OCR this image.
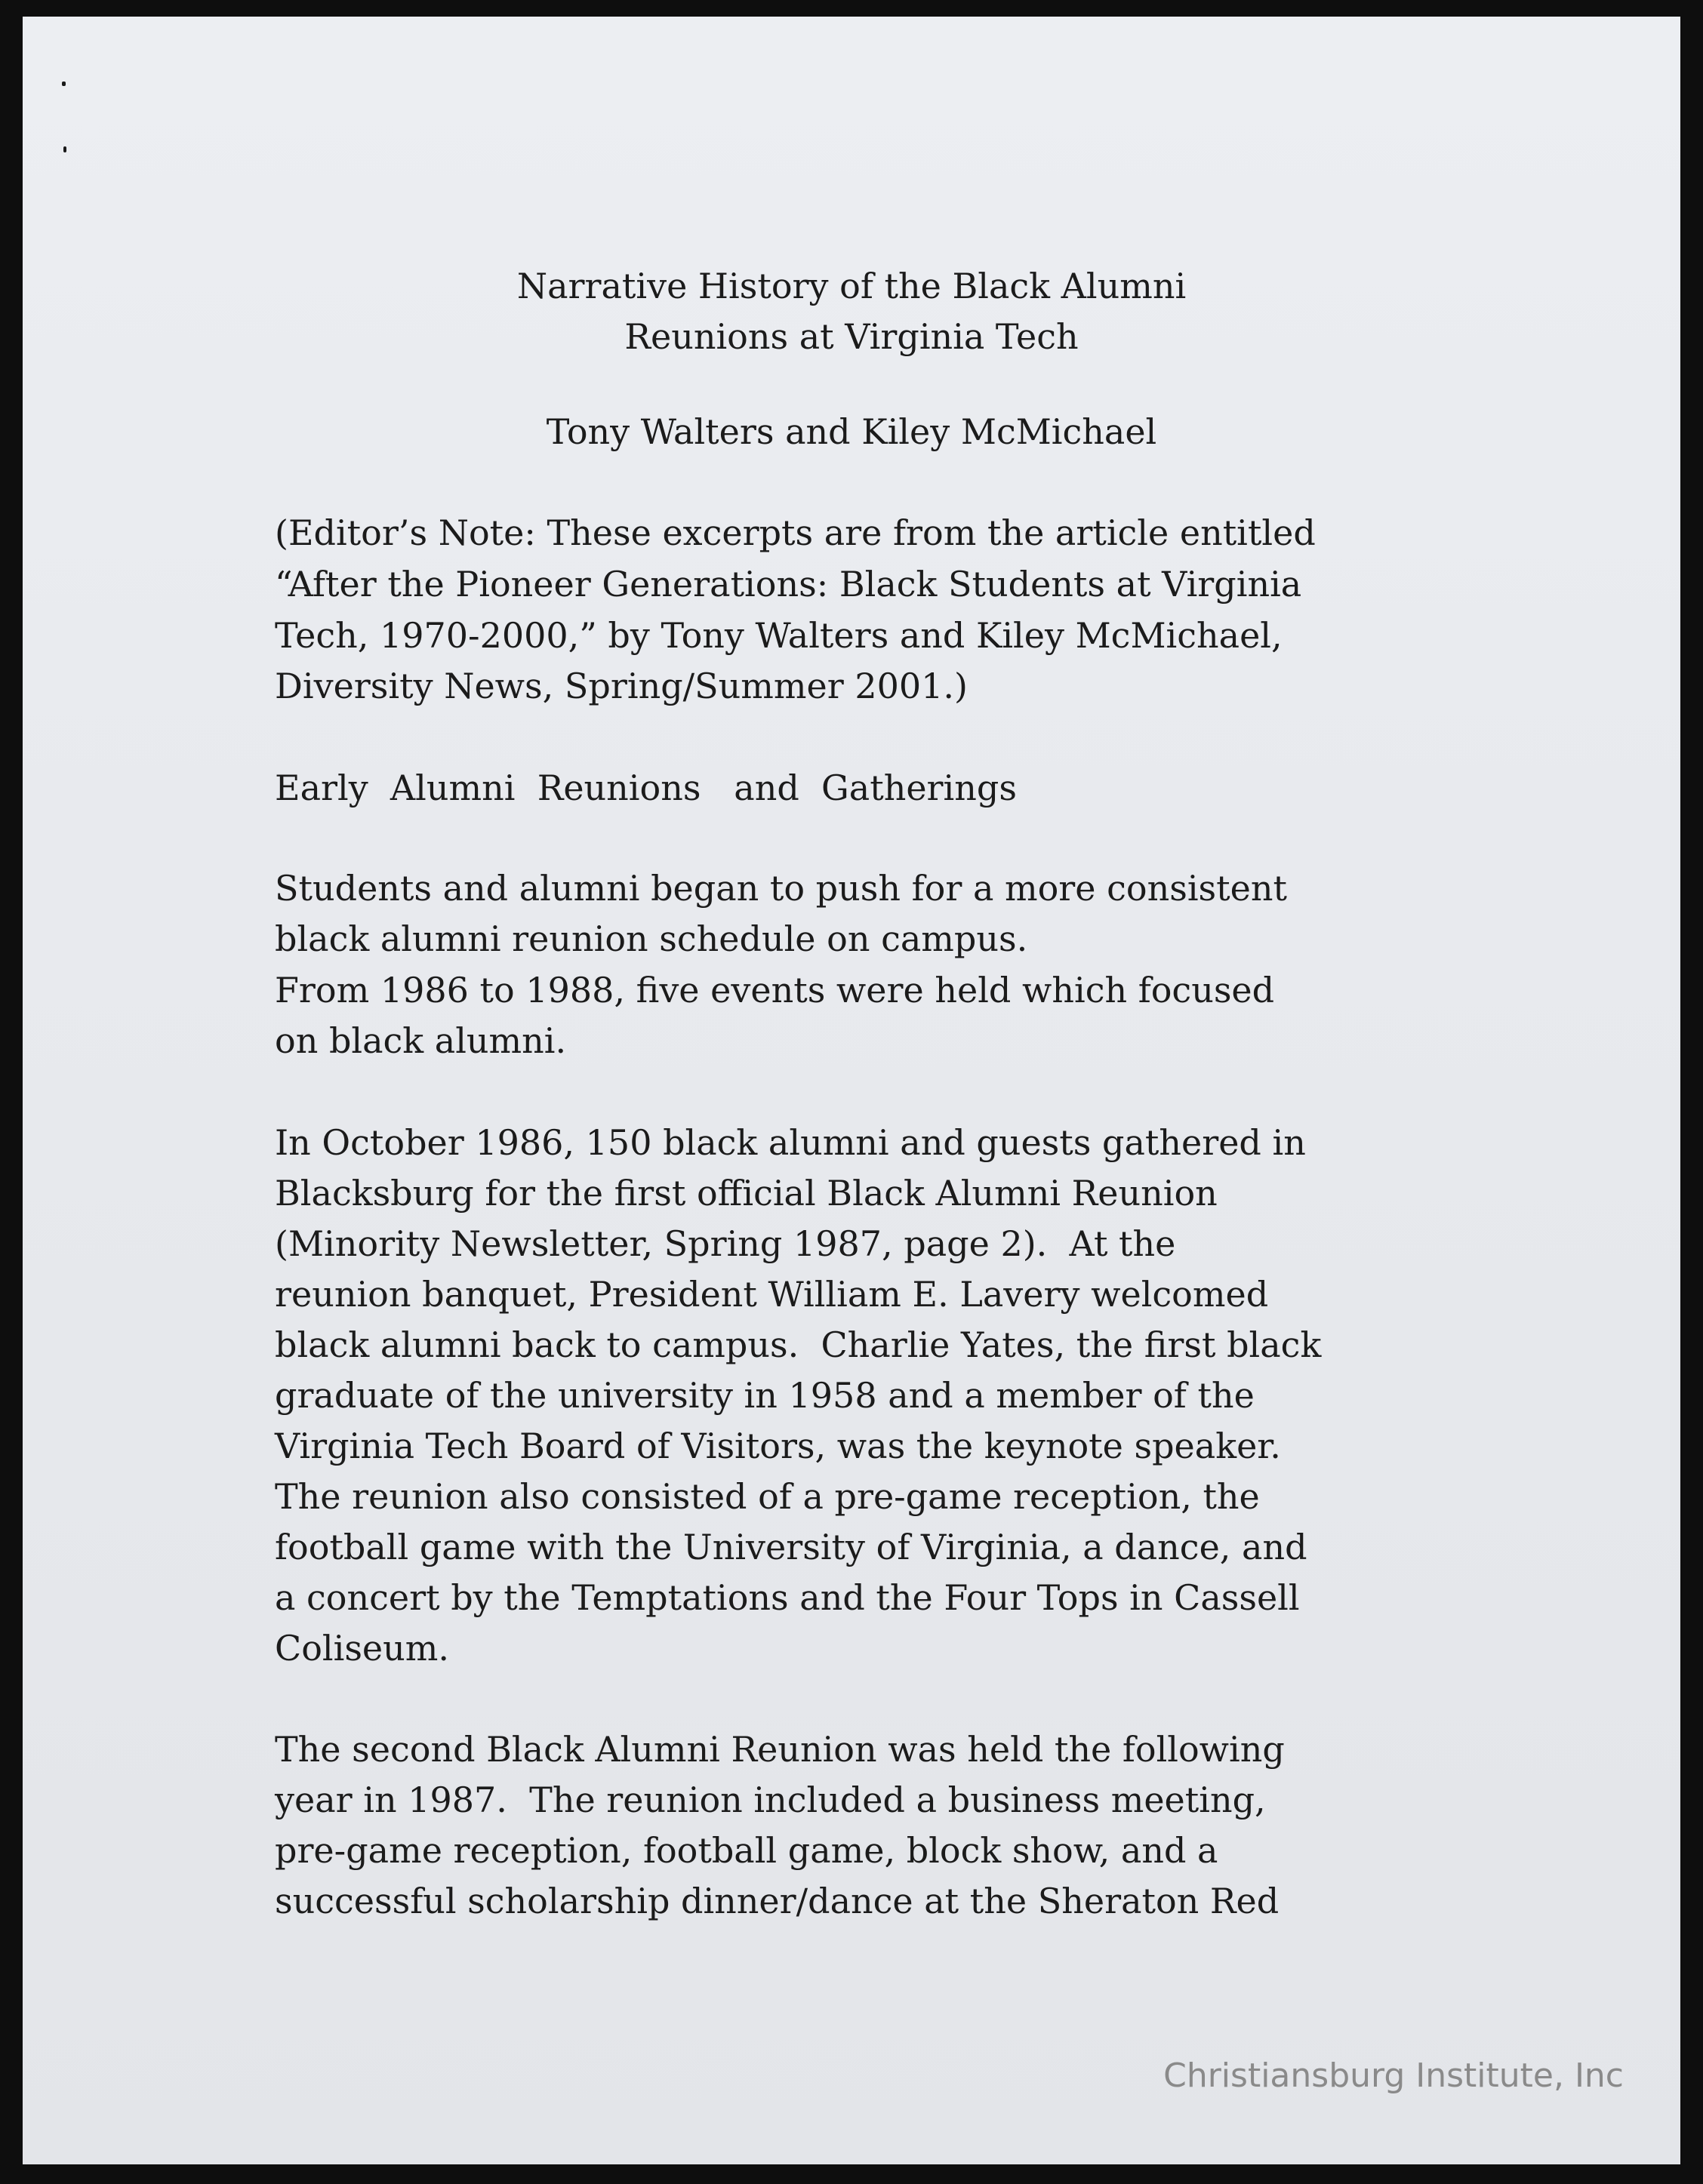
Narrative History of the Black Alumni
Reunions at Virginia Tech
Tony Walters and Kiley McMichael
(Editor’s Note: These excerpts are from the article entitled
“After the Pioneer Generations: Black Students at Virginia
Tech, 1970-2000,” by Tony Walters and Kiley McMichael,
Diversity News, Spring/Summer 2001.)
Early  Alumni  Reunions   and  Gatherings
Students and alumni began to push for a more consistent
black alumni reunion schedule on campus.
From 1986 to 1988, five events were held which focused
on black alumni.
In October 1986, 150 black alumni and guests gathered in
Blacksburg for the first official Black Alumni Reunion
(Minority Newsletter, Spring 1987, page 2).  At the
reunion banquet, President William E. Lavery welcomed
black alumni back to campus.  Charlie Yates, the first black
graduate of the university in 1958 and a member of the
Virginia Tech Board of Visitors, was the keynote speaker.
The reunion also consisted of a pre-game reception, the
football game with the University of Virginia, a dance, and
a concert by the Temptations and the Four Tops in Cassell
Coliseum.
The second Black Alumni Reunion was held the following
year in 1987.  The reunion included a business meeting,
pre-game reception, football game, block show, and a
successful scholarship dinner/dance at the Sheraton Red
Christiansburg Institute, Inc
